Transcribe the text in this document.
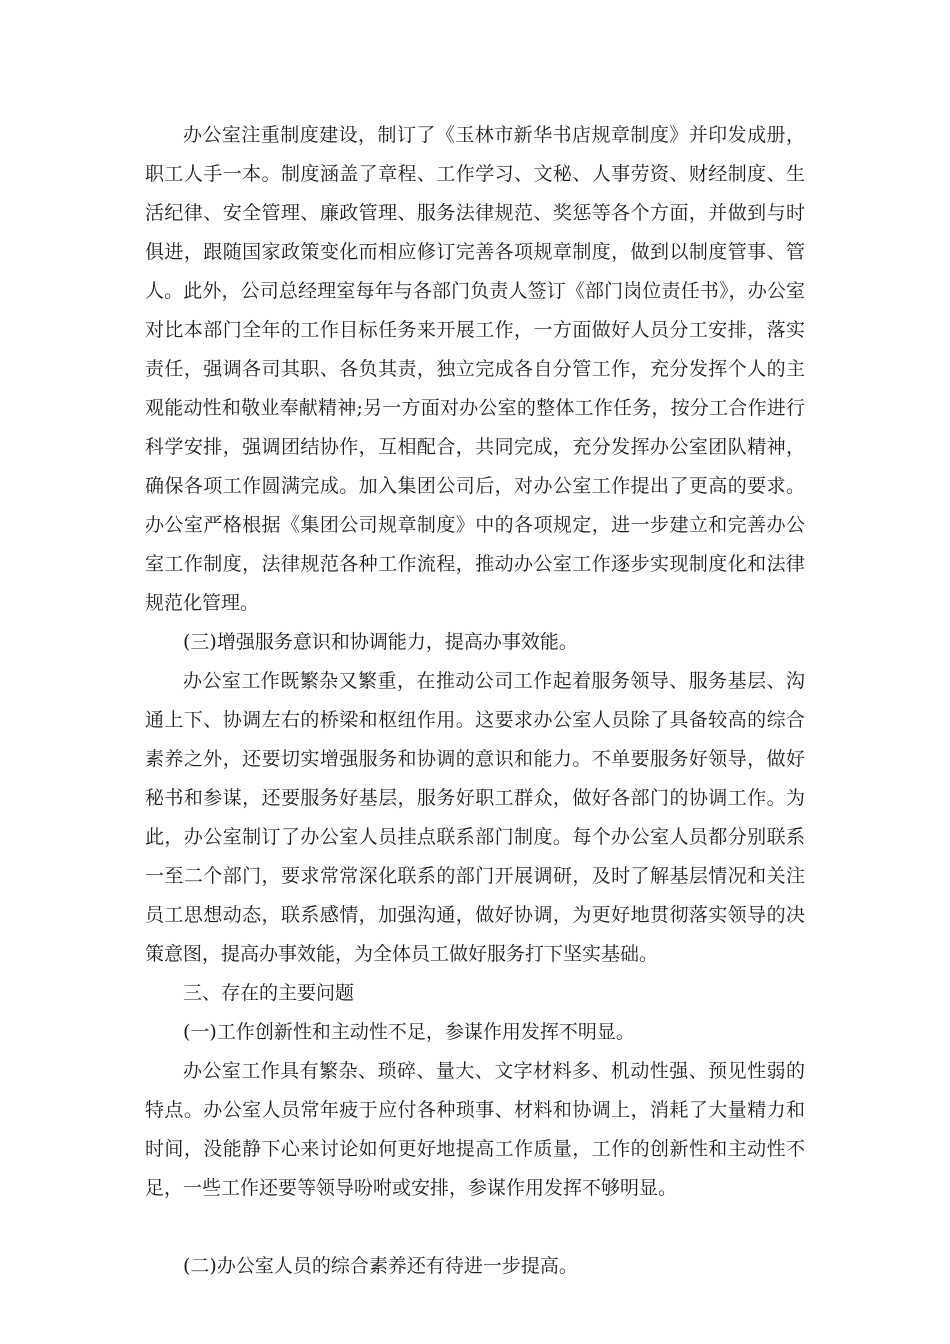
办公室注重制度建设，制订了《玉林市新华书店规章制度》并印发成册，职工人手一本。制度涵盖了章程、工作学习、文秘、人事劳资、财经制度、生活纪律、安全管理、廉政管理、服务法律规范、奖惩等各个方面，并做到与时俱进，跟随国家政策变化而相应修订完善各项规章制度，做到以制度管事、管人。此外，公司总经理室每年与各部门负责人签订《部门岗位责任书》，办公室对比本部门全年的工作目标任务来开展工作，一方面做好人员分工安排，落实责任，强调各司其职、各负其责，独立完成各自分管工作，充分发挥个人的主观能动性和敬业奉献精神;另一方面对办公室的整体工作任务，按分工合作进行科学安排，强调团结协作，互相配合，共同完成，充分发挥办公室团队精神，确保各项工作圆满完成。加入集团公司后，对办公室工作提出了更高的要求。办公室严格根据《集团公司规章制度》中的各项规定，进一步建立和完善办公室工作制度，法律规范各种工作流程，推动办公室工作逐步实现制度化和法律规范化管理。

(三)增强服务意识和协调能力，提高办事效能。

办公室工作既繁杂又繁重，在推动公司工作起着服务领导、服务基层、沟通上下、协调左右的桥梁和枢纽作用。这要求办公室人员除了具备较高的综合素养之外，还要切实增强服务和协调的意识和能力。不单要服务好领导，做好秘书和参谋，还要服务好基层，服务好职工群众，做好各部门的协调工作。为此，办公室制订了办公室人员挂点联系部门制度。每个办公室人员都分别联系一至二个部门，要求常常深化联系的部门开展调研，及时了解基层情况和关注员工思想动态，联系感情，加强沟通，做好协调，为更好地贯彻落实领导的决策意图，提高办事效能，为全体员工做好服务打下坚实基础。

三、存在的主要问题

(一)工作创新性和主动性不足，参谋作用发挥不明显。

办公室工作具有繁杂、琐碎、量大、文字材料多、机动性强、预见性弱的特点。办公室人员常年疲于应付各种琐事、材料和协调上，消耗了大量精力和时间，没能静下心来讨论如何更好地提高工作质量，工作的创新性和主动性不足，一些工作还要等领导吩咐或安排，参谋作用发挥不够明显。

(二)办公室人员的综合素养还有待进一步提高。
